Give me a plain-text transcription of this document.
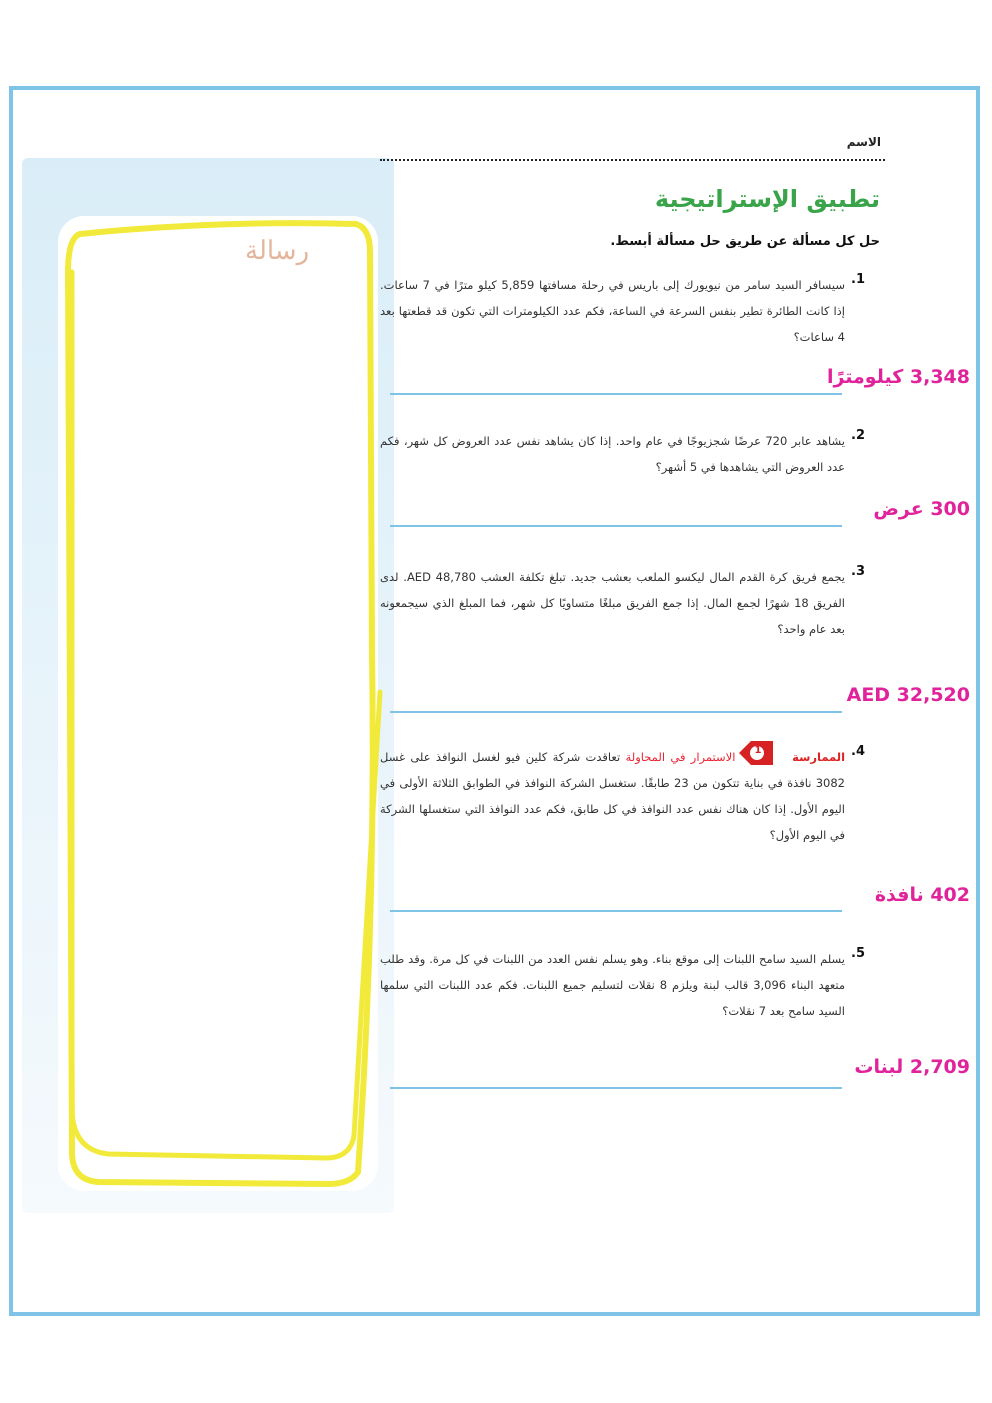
رسالة
الاسم
تطبيق الإستراتيجية
حل كل مسألة عن طريق حل مسألة أبسط.
1.
سيسافر السيد سامر من نيويورك إلى باريس في رحلة مسافتها 5,859 كيلو مترًا في 7 ساعات. إذا كانت الطائرة تطير بنفس السرعة في الساعة، فكم عدد الكيلومترات التي تكون قد قطعتها بعد 4 ساعات؟
3,348 كيلومترًا
2.
يشاهد عابر 720 عرضًا شجزيوجًا في عام واحد. إذا كان يشاهد نفس عدد العروض كل شهر، فكم عدد العروض التي يشاهدها في 5 أشهر؟
300 عرض
3.
يجمع فريق كرة القدم المال ليكسو الملعب بعشب جديد. تبلغ تكلفة العشب AED 48,780. لدى الفريق 18 شهرًا لجمع المال. إذا جمع الفريق مبلغًا متساويًا كل شهر، فما المبلغ الذي سيجمعونه بعد عام واحد؟
AED 32,520
4.
الممارسة  الاستمرار في المحاولة تعاقدت شركة كلين فيو لغسل النوافذ على غسل 3082 نافذة في بناية تتكون من 23 طابقًا. ستغسل الشركة النوافذ في الطوابق الثلاثة الأولى في اليوم الأول. إذا كان هناك نفس عدد النوافذ في كل طابق، فكم عدد النوافذ التي ستغسلها الشركة في اليوم الأول؟
1
402 نافذة
5.
يسلم السيد سامح اللبنات إلى موقع بناء. وهو يسلم نفس العدد من اللبنات في كل مرة. وقد طلب متعهد البناء 3,096 قالب لبنة ويلزم 8 نقلات لتسليم جميع اللبنات. فكم عدد اللبنات التي سلمها السيد سامح بعد 7 نقلات؟
2,709 لبنات
